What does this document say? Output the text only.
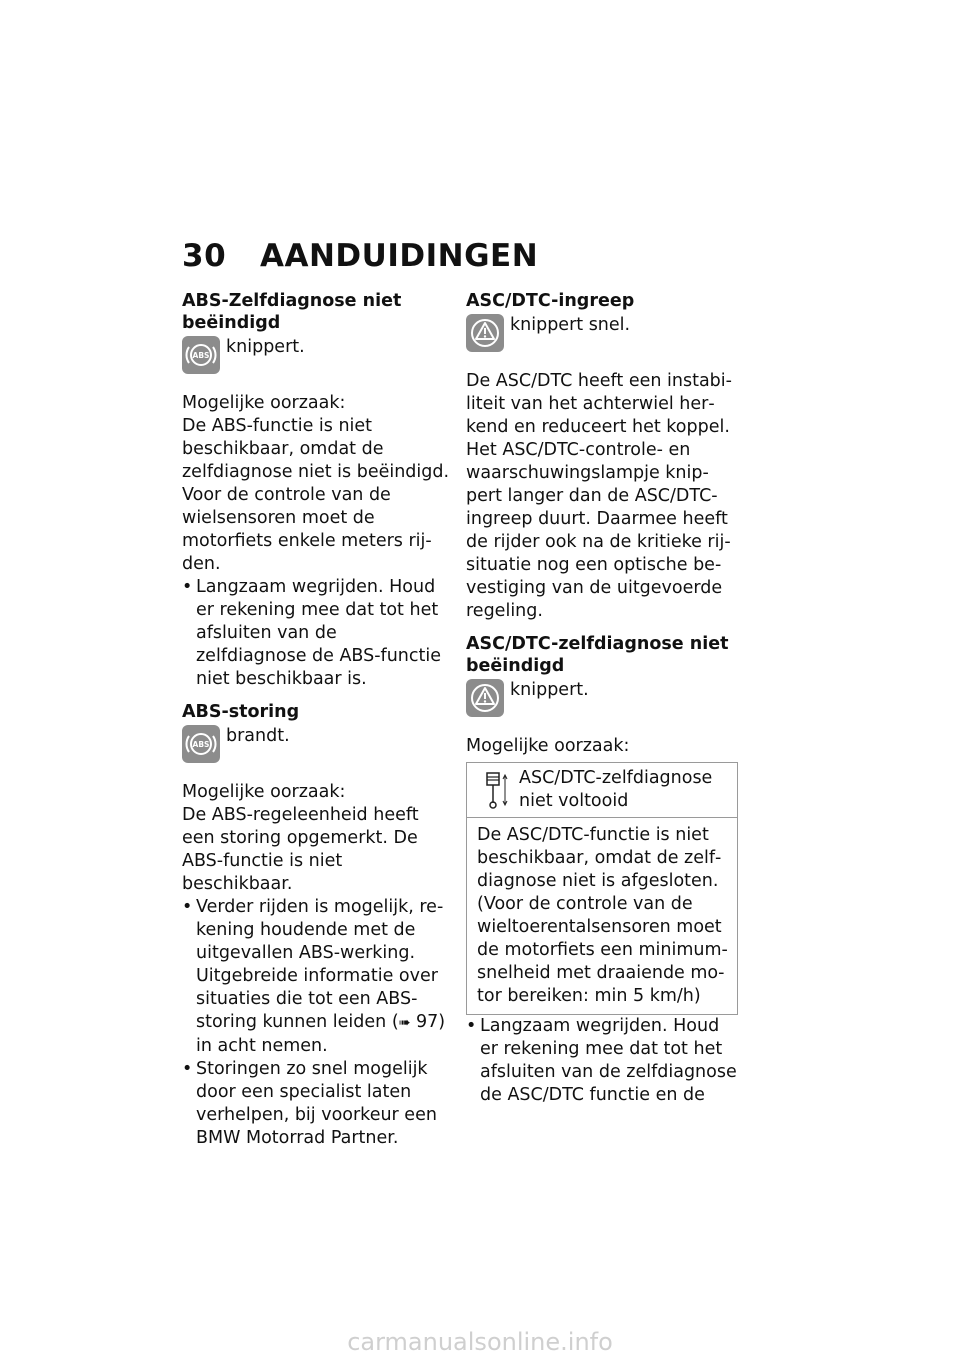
30 AANDUIDINGEN
ABS-Zelfdiagnose niet beëindigd
ABS knippert.
Mogelijke oorzaak:
De ABS-functie is niet beschikbaar, omdat de zelfdiagnose niet is beëindigd. Voor de controle van de wielsensoren moet de motorfiets enkele meters rijden.
• Langzaam wegrijden. Houd er rekening mee dat tot het afsluiten van de zelfdiagnose de ABS-functie niet beschikbaar is.
ABS-storing
ABS brandt.
Mogelijke oorzaak:
De ABS-regeleenheid heeft een storing opgemerkt. De ABS-functie is niet beschikbaar.
• Verder rijden is mogelijk, rekening houdende met de uitgevallen ABS-werking. Uitgebreide informatie over situaties die tot een ABS-storing kunnen leiden (➠ 97) in acht nemen.
• Storingen zo snel mogelijk door een specialist laten verhelpen, bij voorkeur een BMW Motorrad Partner.
ASC/DTC-ingreep
knippert snel.
De ASC/DTC heeft een instabiliteit van het achterwiel herkend en reduceert het koppel. Het ASC/DTC-controle- en waarschuwingslampje knippert langer dan de ASC/DTC-ingreep duurt. Daarmee heeft de rijder ook na de kritieke rijsituatie nog een optische bevestiging van de uitgevoerde regeling.
ASC/DTC-zelfdiagnose niet beëindigd
knippert.
Mogelijke oorzaak:
ASC/DTC-zelfdiagnose niet voltooid
De ASC/DTC-functie is niet beschikbaar, omdat de zelfdiagnose niet is afgesloten. (Voor de controle van de wieltoerentalsensoren moet de motorfiets een minimumsnelheid met draaiende motor bereiken: min 5 km/h)
• Langzaam wegrijden. Houd er rekening mee dat tot het afsluiten van de zelfdiagnose de ASC/DTC functie en de
carmanualsonline.info
